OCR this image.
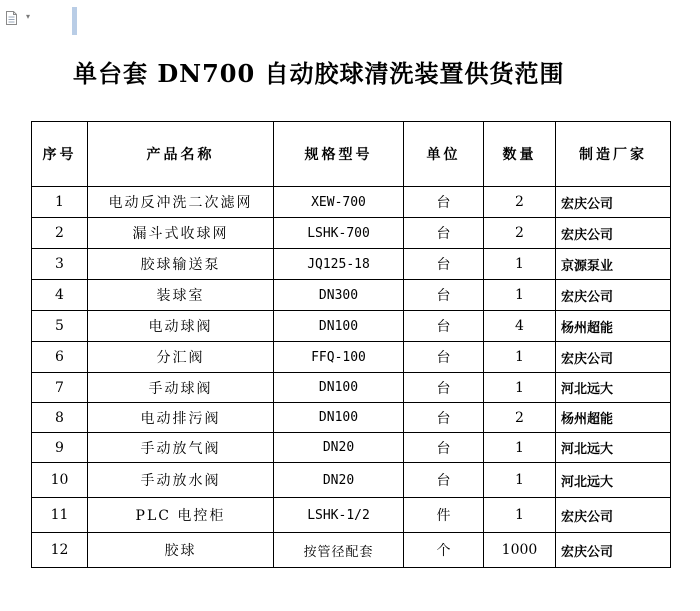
▾
单台套 DN700 自动胶球清洗装置供货范围
序号	产品名称	规格型号	单位	数量	制造厂家
1	电动反冲洗二次滤网	XEW-700	台	2	宏庆公司
2	漏斗式收球网	LSHK-700	台	2	宏庆公司
3	胶球输送泵	JQ125-18	台	1	京源泵业
4	装球室	DN300	台	1	宏庆公司
5	电动球阀	DN100	台	4	杨州超能
6	分汇阀	FFQ-100	台	1	宏庆公司
7	手动球阀	DN100	台	1	河北远大
8	电动排污阀	DN100	台	2	杨州超能
9	手动放气阀	DN20	台	1	河北远大
10	手动放水阀	DN20	台	1	河北远大
11	PLC 电控柜	LSHK-1/2	件	1	宏庆公司
12	胶球	按管径配套	个	1000	宏庆公司
